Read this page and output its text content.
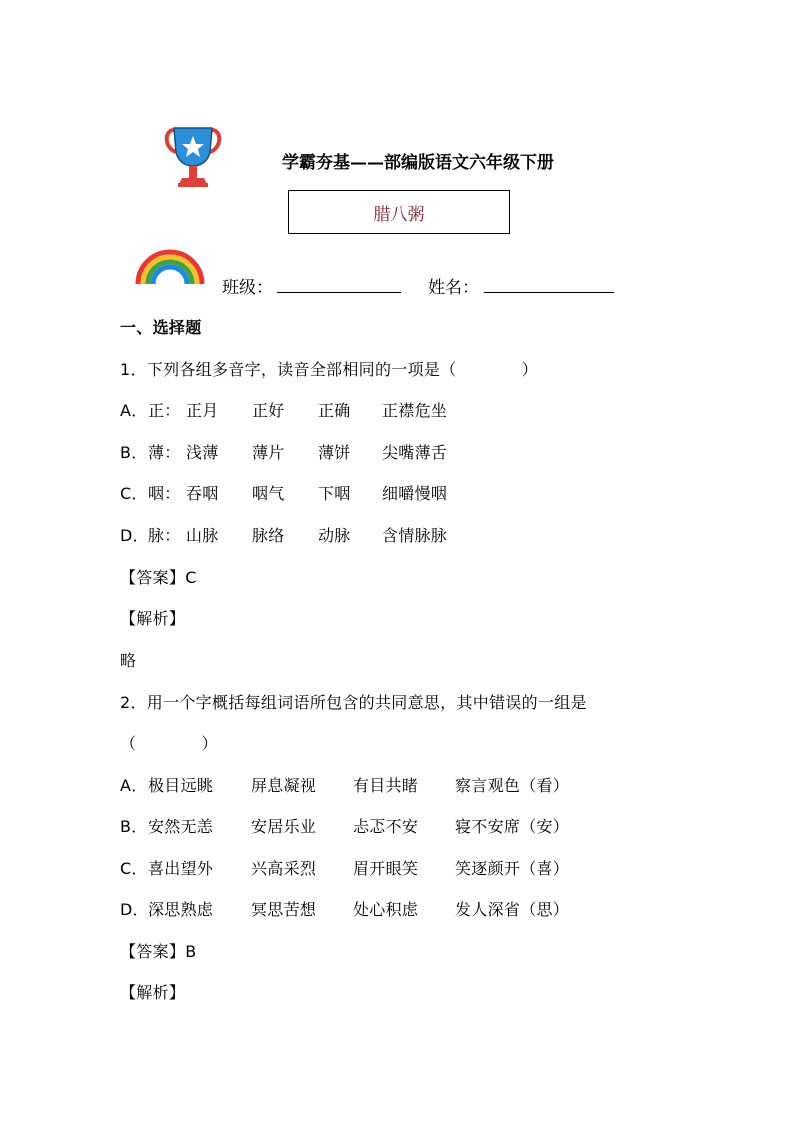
学霸夯基——部编版语文六年级下册
腊八粥
班级：	姓名：
一、选择题
1．下列各组多音字，读音全部相同的一项是（　　　　）
A．正： 正月 正好 正确 正襟危坐
B．薄： 浅薄 薄片 薄饼 尖嘴薄舌
C．咽： 吞咽 咽气 下咽 细嚼慢咽
D．脉： 山脉 脉络 动脉 含情脉脉
【答案】C
【解析】
略
2．用一个字概括每组词语所包含的共同意思，其中错误的一组是
（　　　　）
A．极目远眺 屏息凝视 有目共睹 察言观色（看）
B．安然无恙 安居乐业 忐忑不安 寝不安席（安）
C．喜出望外 兴高采烈 眉开眼笑 笑逐颜开（喜）
D．深思熟虑 冥思苦想 处心积虑 发人深省（思）
【答案】B
【解析】
